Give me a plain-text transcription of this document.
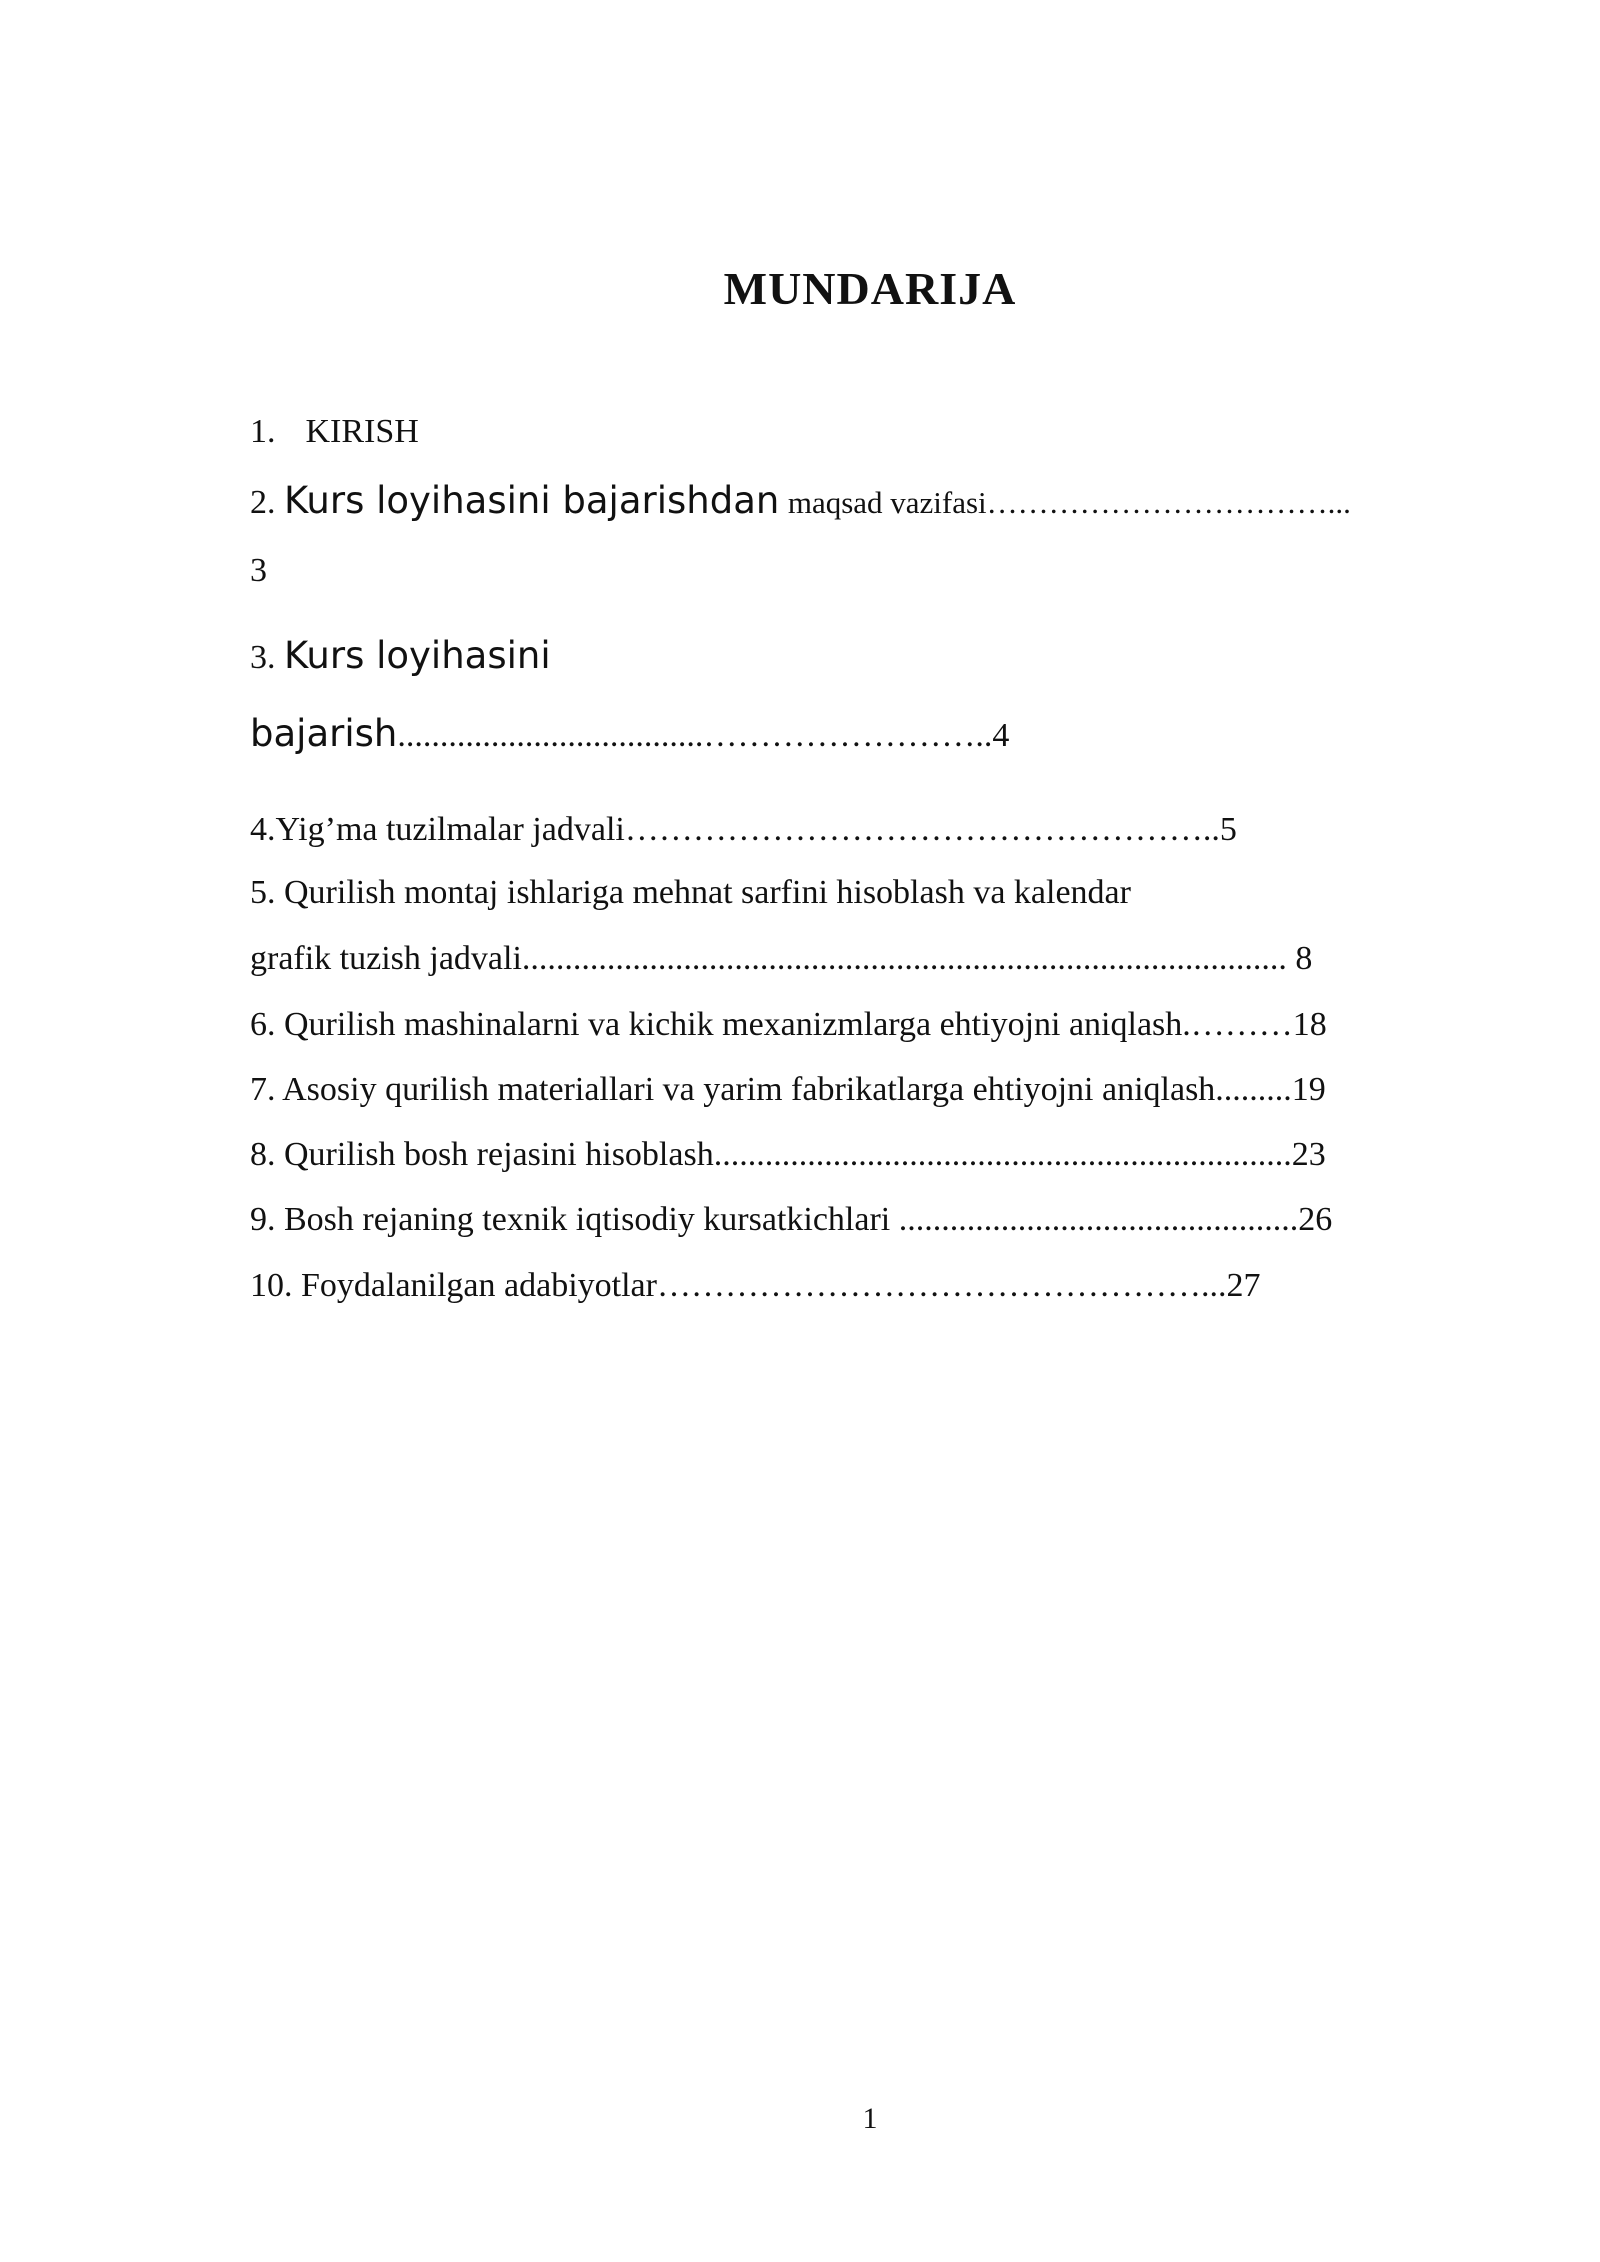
MUNDARIJA
1. KIRISH
2. Kurs loyihasini bajarishdan maqsad vazifasi……………………………...
3
3. Kurs loyihasini
bajarish....................................……………………..4
4.Yig’ma tuzilmalar jadvali……………………………………………..5
5. Qurilish montaj ishlariga mehnat sarfini hisoblash va kalendar
grafik tuzish jadvali.......................................................................................... 8
6. Qurilish mashinalarni va kichik mexanizmlarga ehtiyojni aniqlash.………18
7. Asosiy qurilish materiallari va yarim fabrikatlarga ehtiyojni aniqlash.........19
8. Qurilish bosh rejasini hisoblash....................................................................23
9. Bosh rejaning texnik iqtisodiy kursatkichlari ...............................................26
10. Foydalanilgan adabiyotlar…………………………………………...27
1
